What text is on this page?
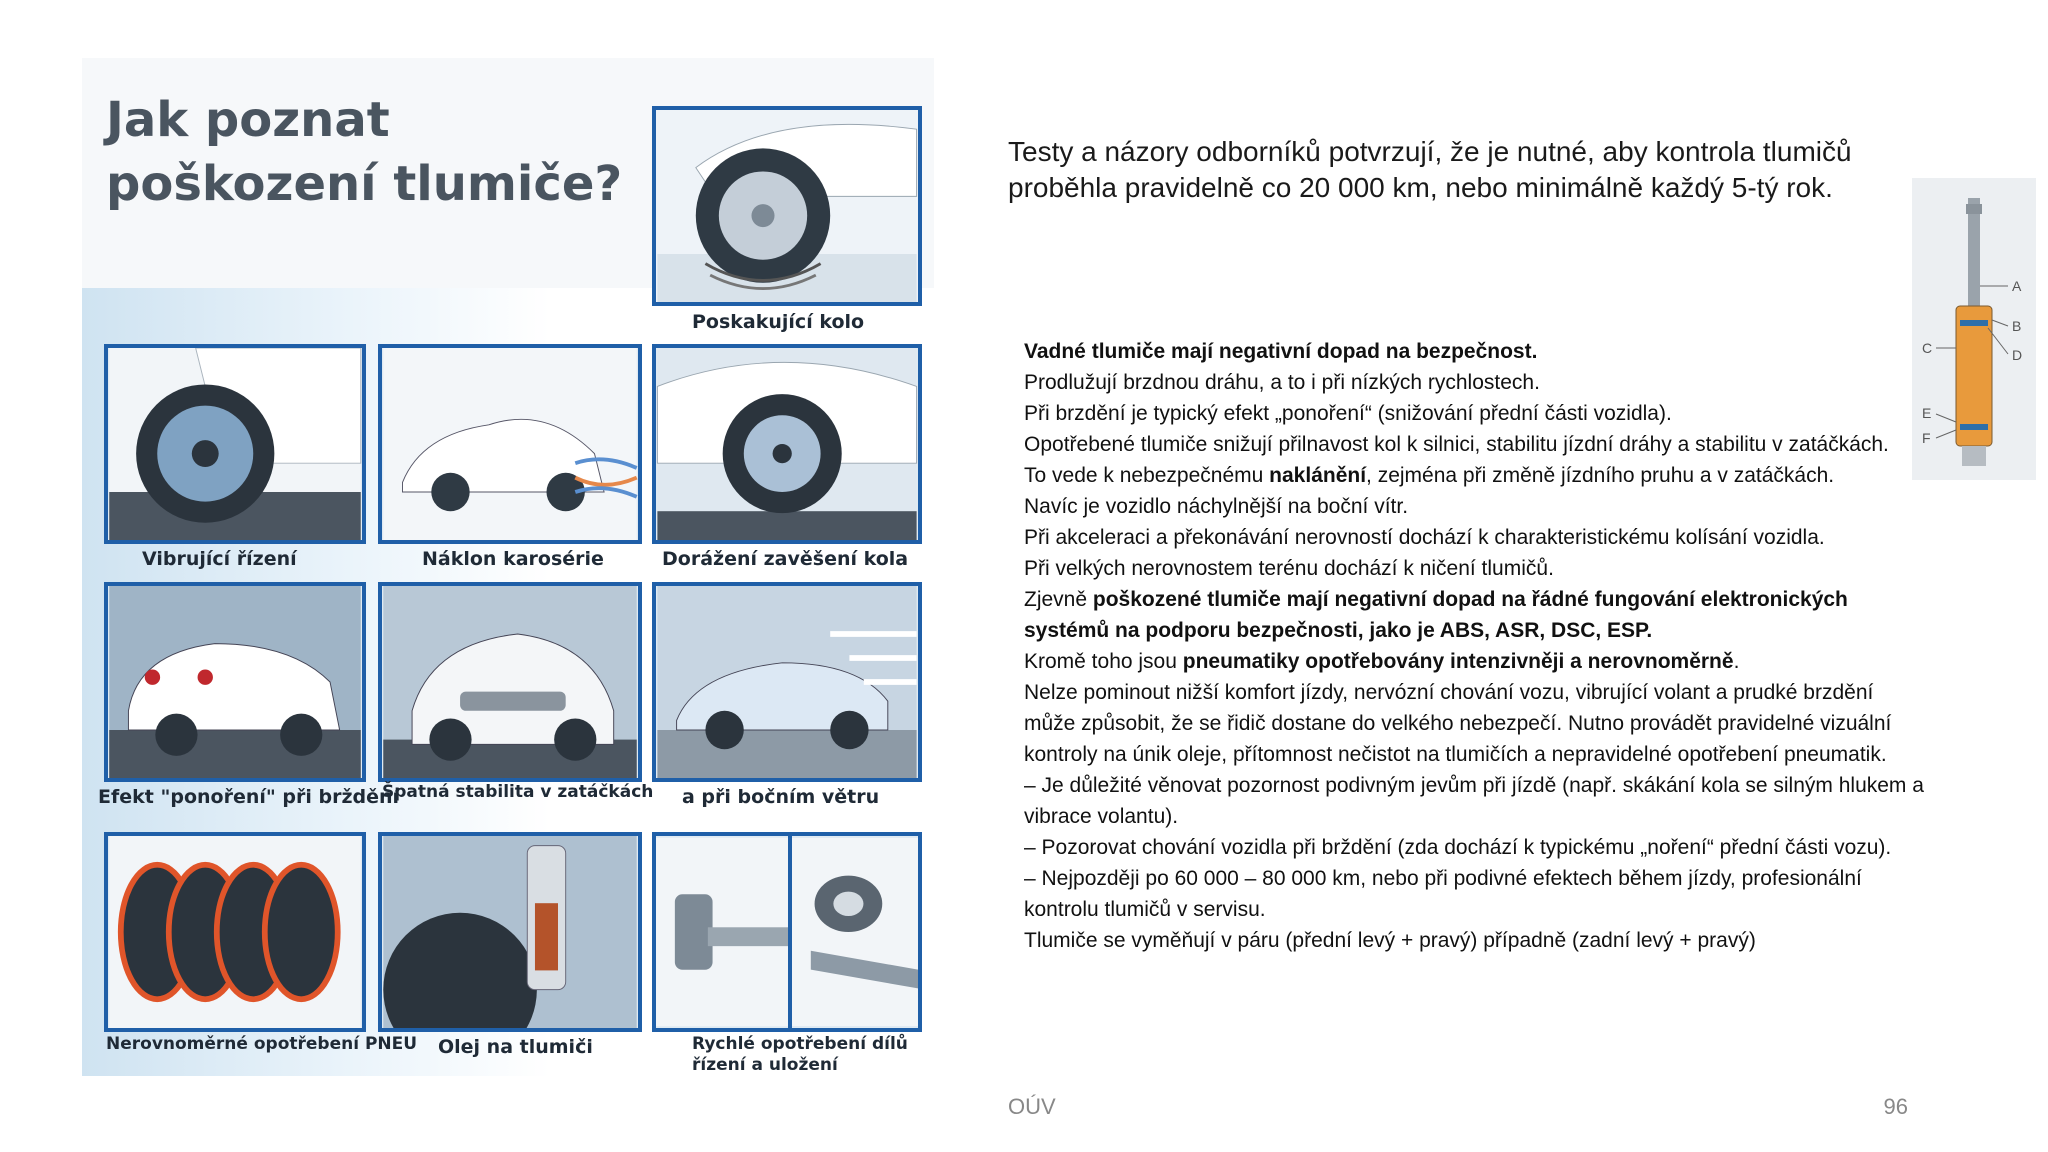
Jak poznat
poškození tlumiče?
Poskakující kolo
Vibrující řízení	Náklon karosérie	Dorážení zavěšení kola
Efekt "ponoření" při brždění
Špatná stabilita v zatáčkách a při bočním větru
Nerovnoměrné opotřebení PNEU Olej na tlumiči	Rychlé opotřebení dílů
řízení a uložení
Testy a názory odborníků potvrzují, že je nutné, aby kontrola tlumičů proběhla pravidelně co 20 000 km, nebo minimálně každý 5-tý rok.
A
B
C	D
E
F

Vadné tlumiče mají negativní dopad na bezpečnost.

Prodlužují brzdnou dráhu, a to i při nízkých rychlostech.

Při brzdění je typický efekt „ponoření“ (snižování přední části vozidla).

Opotřebené tlumiče snižují přilnavost kol k silnici, stabilitu jízdní dráhy a stabilitu v zatáčkách.

To vede k nebezpečnému naklánění, zejména při změně jízdního pruhu a v zatáčkách.

Navíc je vozidlo náchylnější na boční vítr.

Při akceleraci a překonávání nerovností dochází k charakteristickému kolísání vozidla.

Při velkých nerovnostem terénu dochází k ničení tlumičů.

Zjevně poškozené tlumiče mají negativní dopad na řádné fungování elektronických systémů na podporu bezpečnosti, jako je ABS, ASR, DSC, ESP.

Kromě toho jsou pneumatiky opotřebovány intenzivněji a nerovnoměrně.

Nelze pominout nižší komfort jízdy, nervózní chování vozu, vibrující volant a prudké brzdění může způsobit, že se řidič dostane do velkého nebezpečí. Nutno provádět pravidelné vizuální kontroly na únik oleje, přítomnost nečistot na tlumičích a nepravidelné opotřebení pneumatik.

– Je důležité věnovat pozornost podivným jevům při jízdě (např. skákání kola se silným hlukem a vibrace volantu).

– Pozorovat chování vozidla při brždění (zda dochází k typickému „noření“ přední části vozu).

– Nejpozději po 60 000 – 80 000 km, nebo při podivné efektech během jízdy, profesionální kontrolu tlumičů v servisu.

Tlumiče se vyměňují v páru (přední levý + pravý) případně (zadní levý + pravý)

OÚV	96
